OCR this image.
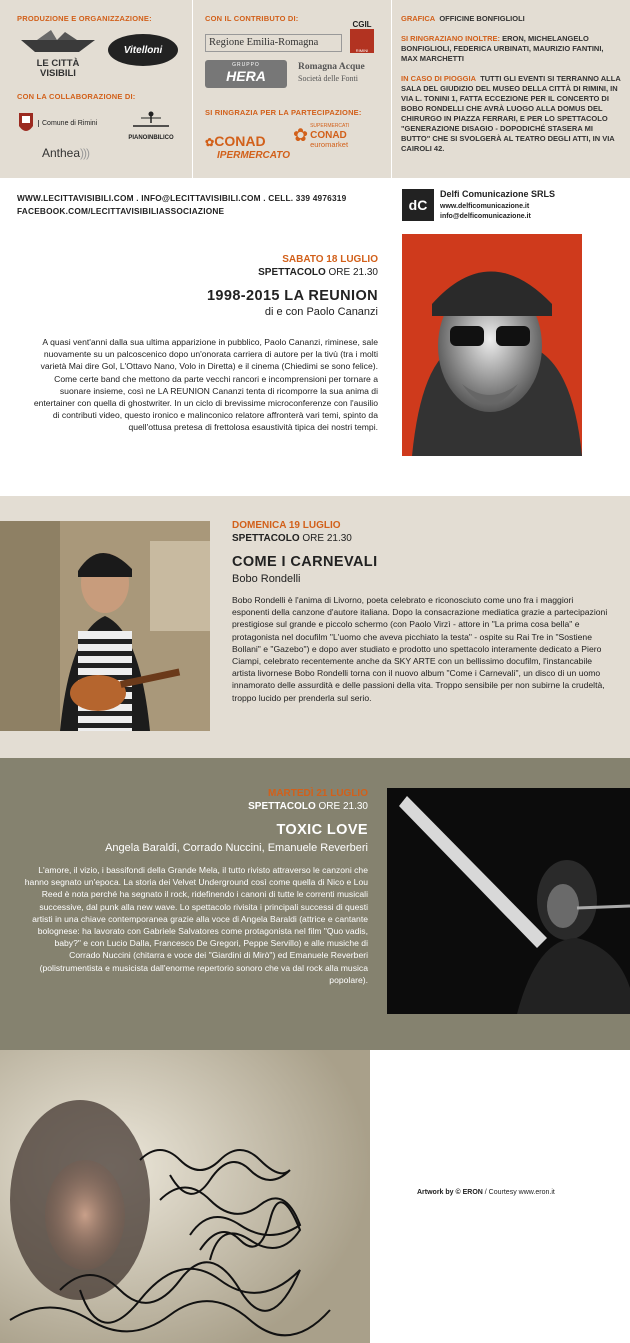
PRODUZIONE E ORGANIZZAZIONE:
LE CITTÀ
VISIBILI
Vitelloni
CON LA COLLABORAZIONE DI:
Comune di Rimini
Anthea)))
PIANOINBILICO
CON IL CONTRIBUTO DI:
Regione Emilia-Romagna
CGIL
RIMINI
GRUPPO
HERA
Romagna Acque
Società delle Fonti
SI RINGRAZIA PER LA PARTECIPAZIONE:
✿CONAD
IPERMERCATO
✿ SUPERMERCATI
CONAD
euromarket
GRAFICA OFFICINE BONFIGLIOLI
SI RINGRAZIANO INOLTRE: ERON, MICHELANGELO BONFIGLIOLI, FEDERICA URBINATI, MAURIZIO FANTINI, MAX MARCHETTI
IN CASO DI PIOGGIA TUTTI GLI EVENTI SI TERRANNO ALLA SALA DEL GIUDIZIO DEL MUSEO DELLA CITTÀ DI RIMINI, IN VIA L. TONINI 1, FATTA ECCEZIONE PER IL CONCERTO DI BOBO RONDELLI CHE AVRÀ LUOGO ALLA DOMUS DEL CHIRURGO IN PIAZZA FERRARI, E PER LO SPETTACOLO "GENERAZIONE DISAGIO - DOPODICHÉ STASERA MI BUTTO" CHE SI SVOLGERÀ AL TEATRO DEGLI ATTI, IN VIA CAIROLI 42.
WWW.LECITTAVISIBILI.COM . INFO@LECITTAVISIBILI.COM . CELL. 339 4976319
FACEBOOK.COM/LECITTAVISIBILIASSOCIAZIONE	dC
Delfi Comunicazione SRLS
www.delficomunicazione.it
info@delficomunicazione.it
SABATO 18 LUGLIO
SPETTACOLO ORE 21.30
1998-2015 LA REUNION
di e con Paolo Cananzi
A quasi vent'anni dalla sua ultima apparizione in pubblico, Paolo Cananzi, riminese, sale nuovamente su un palcoscenico dopo un'onorata carriera di autore per la tivù (tra i molti varietà Mai dire Gol, L'Ottavo Nano, Volo in Diretta) e il cinema (Chiedimi se sono felice). Come certe band che mettono da parte vecchi rancori e incomprensioni per tornare a suonare insieme, così ne LA REUNION Cananzi tenta di ricomporre la sua anima di entertainer con quella di ghostwriter. In un ciclo di brevissime microconferenze con l'ausilio di contributi video, questo ironico e malinconico relatore affronterà vari temi, spinto da quell'ottusa pretesa di frettolosa esaustività tipica dei nostri tempi.
DOMENICA 19 LUGLIO
SPETTACOLO ORE 21.30
COME I CARNEVALI
Bobo Rondelli
Bobo Rondelli è l'anima di Livorno, poeta celebrato e riconosciuto come uno fra i maggiori esponenti della canzone d'autore italiana. Dopo la consacrazione mediatica grazie a partecipazioni prestigiose sul grande e piccolo schermo (con Paolo Virzì - attore in "La prima cosa bella" e protagonista nel docufilm "L'uomo che aveva picchiato la testa" - ospite su Rai Tre in "Sostiene Bollani" e "Gazebo") e dopo aver studiato e prodotto uno spettacolo interamente dedicato a Piero Ciampi, celebrato recentemente anche da SKY ARTE con un bellissimo docufilm, l'instancabile artista livornese Bobo Rondelli torna con il nuovo album "Come i Carnevali", un disco di un uomo innamorato delle assurdità e delle passioni della vita. Troppo sensibile per non subirne la crudeltà, troppo lucido per prenderla sul serio.
MARTEDÌ 21 LUGLIO
SPETTACOLO ORE 21.30
TOXIC LOVE
Angela Baraldi, Corrado Nuccini, Emanuele Reverberi
L'amore, il vizio, i bassifondi della Grande Mela, il tutto rivisto attraverso le canzoni che hanno segnato un'epoca. La storia dei Velvet Underground così come quella di Nico e Lou Reed è nota perché ha segnato il rock, ridefinendo i canoni di tutte le correnti musicali successive, dal punk alla new wave. Lo spettacolo rivisita i principali successi di questi artisti in una chiave contemporanea grazie alla voce di Angela Baraldi (attrice e cantante bolognese: ha lavorato con Gabriele Salvatores come protagonista nel film "Quo vadis, baby?" e con Lucio Dalla, Francesco De Gregori, Peppe Servillo) e alle musiche di Corrado Nuccini (chitarra e voce dei "Giardini di Mirò") ed Emanuele Reverberi (polistrumentista e musicista dall'enorme repertorio sonoro che va dal rock alla musica popolare).
Artwork by © ERON / Courtesy www.eron.it
